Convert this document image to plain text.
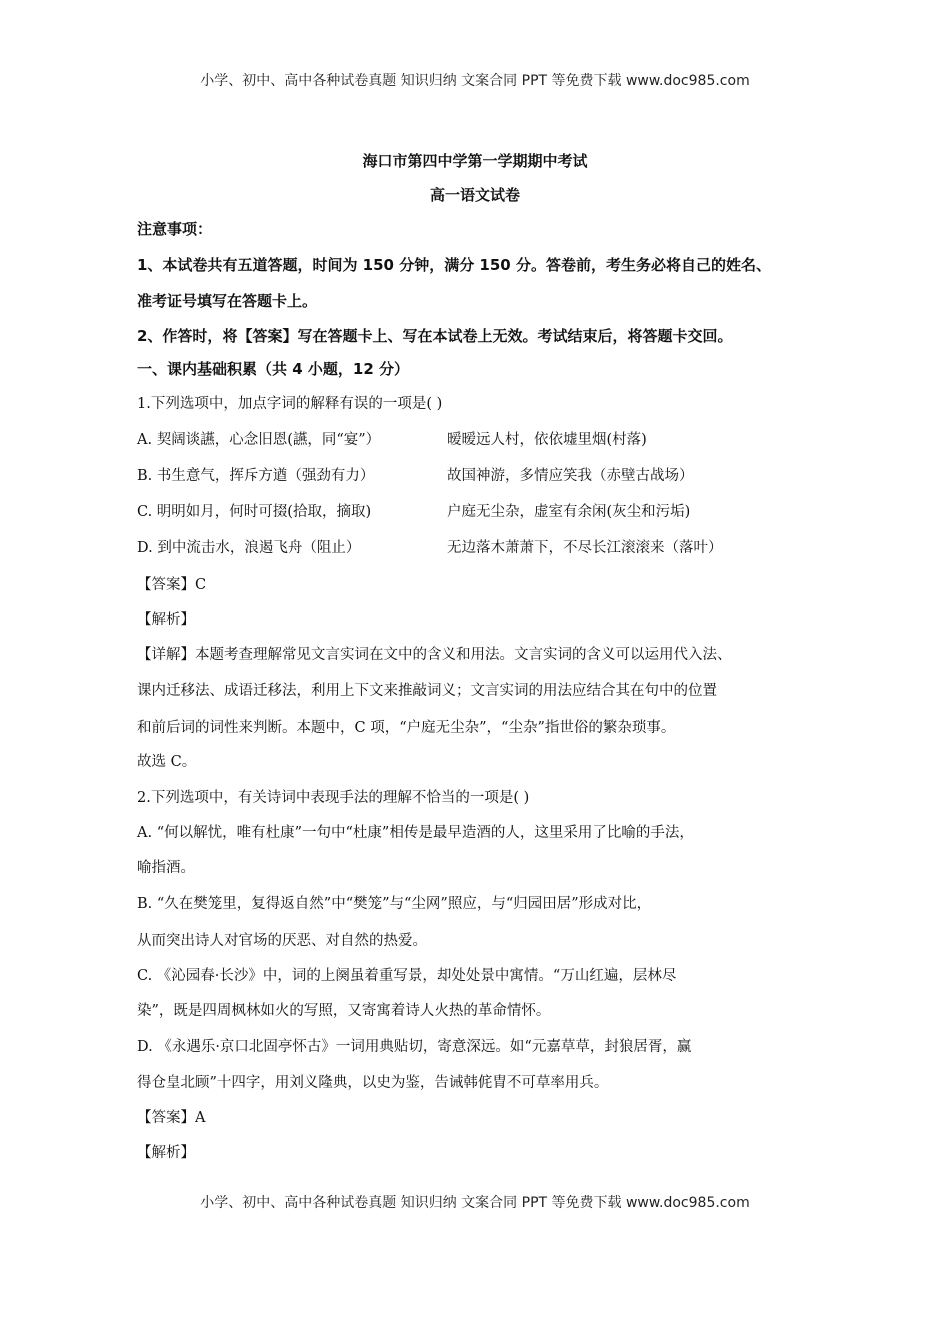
小学、初中、高中各种试卷真题 知识归纳 文案合同 PPT 等免费下载 www.doc985.com
海口市第四中学第一学期期中考试
高一语文试卷
注意事项：
1、本试卷共有五道答题，时间为 150 分钟，满分 150 分。答卷前，考生务必将自己的姓名、
准考证号填写在答题卡上。
2、作答时，将【答案】写在答题卡上、写在本试卷上无效。考试结束后，将答题卡交回。
一、课内基础积累（共 4 小题，12 分）
1.下列选项中，加点字词的解释有误的一项是( )
A. 契阔谈讌，心念旧恩(讌，同“宴”）	暧暧远人村，依依墟里烟(村落)
B. 书生意气，挥斥方遒（强劲有力）	故国神游，多情应笑我（赤壁古战场）
C. 明明如月，何时可掇(拾取，摘取)	户庭无尘杂，虚室有余闲(灰尘和污垢)
D. 到中流击水，浪遏飞舟（阻止）	无边落木萧萧下，不尽长江滚滚来（落叶）
【答案】C
【解析】
【详解】本题考查理解常见文言实词在文中的含义和用法。文言实词的含义可以运用代入法、
课内迁移法、成语迁移法，利用上下文来推敲词义；文言实词的用法应结合其在句中的位置
和前后词的词性来判断。本题中，C 项，“户庭无尘杂”，“尘杂”指世俗的繁杂琐事。
故选 C。
2.下列选项中，有关诗词中表现手法的理解不恰当的一项是( )
A. “何以解忧，唯有杜康”一句中“杜康”相传是最早造酒的人，这里采用了比喻的手法，
喻指酒。
B. “久在樊笼里，复得返自然”中“樊笼”与“尘网”照应，与“归园田居”形成对比，
从而突出诗人对官场的厌恶、对自然的热爱。
C. 《沁园春·长沙》中，词的上阕虽着重写景，却处处景中寓情。“万山红遍，层林尽
染”，既是四周枫林如火的写照，又寄寓着诗人火热的革命情怀。
D. 《永遇乐·京口北固亭怀古》一词用典贴切，寄意深远。如“元嘉草草，封狼居胥，赢
得仓皇北顾”十四字，用刘义隆典，以史为鉴，告诫韩侂胄不可草率用兵。
【答案】A
【解析】
小学、初中、高中各种试卷真题 知识归纳 文案合同 PPT 等免费下载 www.doc985.com
